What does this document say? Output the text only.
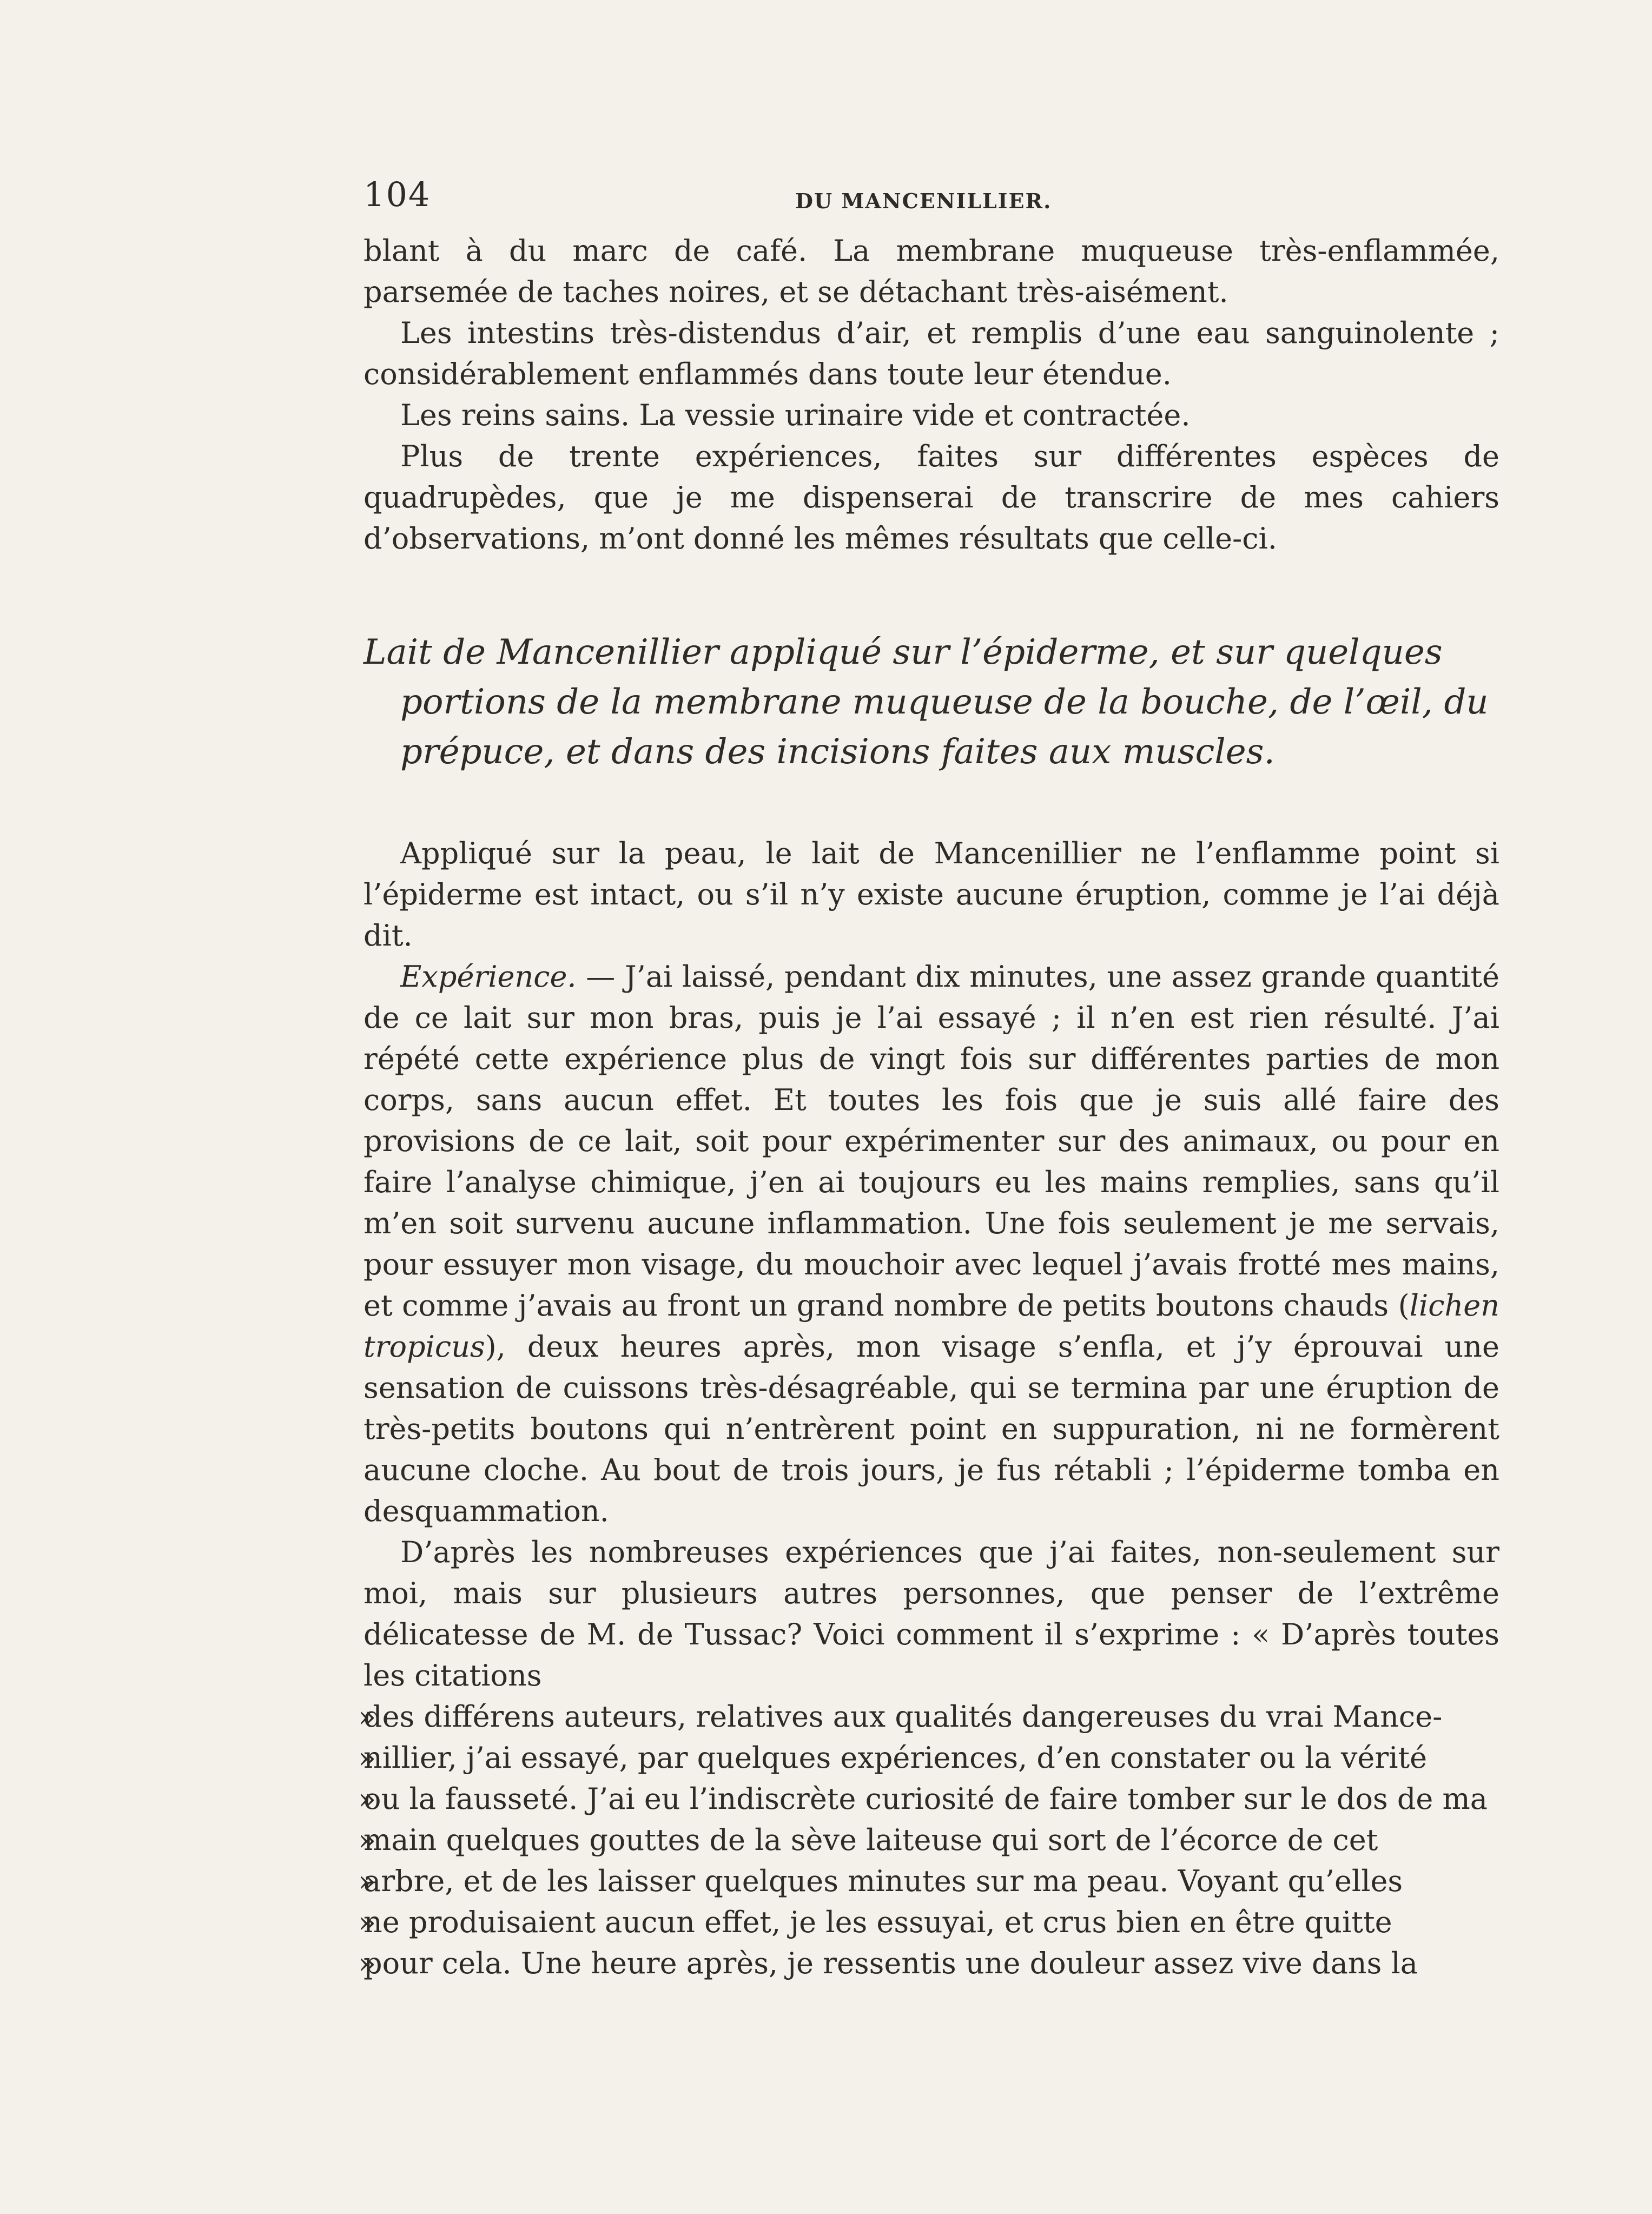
104	DU MANCENILLIER.

blant à du marc de café. La membrane muqueuse très-enflammée, parsemée de taches noires, et se détachant très-aisément.

Les intestins très-distendus d’air, et remplis d’une eau sanguinolente ; considérablement enflammés dans toute leur étendue.

Les reins sains. La vessie urinaire vide et contractée.

Plus de trente expériences, faites sur différentes espèces de quadrupèdes, que je me dispenserai de transcrire de mes cahiers d’observations, m’ont donné les mêmes résultats que celle-ci.

Lait de Mancenillier appliqué sur l’épiderme, et sur quelques portions de la membrane muqueuse de la bouche, de l’œil, du prépuce, et dans des incisions faites aux muscles.

Appliqué sur la peau, le lait de Mancenillier ne l’enflamme point si l’épiderme est intact, ou s’il n’y existe aucune éruption, comme je l’ai déjà dit.

Expérience. — J’ai laissé, pendant dix minutes, une assez grande quantité de ce lait sur mon bras, puis je l’ai essayé ; il n’en est rien résulté. J’ai répété cette expérience plus de vingt fois sur différentes parties de mon corps, sans aucun effet. Et toutes les fois que je suis allé faire des provisions de ce lait, soit pour expérimenter sur des animaux, ou pour en faire l’analyse chimique, j’en ai toujours eu les mains remplies, sans qu’il m’en soit survenu aucune inflammation. Une fois seulement je me servais, pour essuyer mon visage, du mouchoir avec lequel j’avais frotté mes mains, et comme j’avais au front un grand nombre de petits boutons chauds (lichen tropicus), deux heures après, mon visage s’enfla, et j’y éprouvai une sensation de cuissons très-désagréable, qui se termina par une éruption de très-petits boutons qui n’entrèrent point en suppuration, ni ne formèrent aucune cloche. Au bout de trois jours, je fus rétabli ; l’épiderme tomba en desquammation.

D’après les nombreuses expériences que j’ai faites, non-seulement sur moi, mais sur plusieurs autres personnes, que penser de l’extrême délicatesse de M. de Tussac? Voici comment il s’exprime : « D’après toutes les citations

» des différens auteurs, relatives aux qualités dangereuses du vrai Mance-

» nillier, j’ai essayé, par quelques expériences, d’en constater ou la vérité

» ou la fausseté. J’ai eu l’indiscrète curiosité de faire tomber sur le dos de ma

» main quelques gouttes de la sève laiteuse qui sort de l’écorce de cet

» arbre, et de les laisser quelques minutes sur ma peau. Voyant qu’elles

» ne produisaient aucun effet, je les essuyai, et crus bien en être quitte

» pour cela. Une heure après, je ressentis une douleur assez vive dans la
